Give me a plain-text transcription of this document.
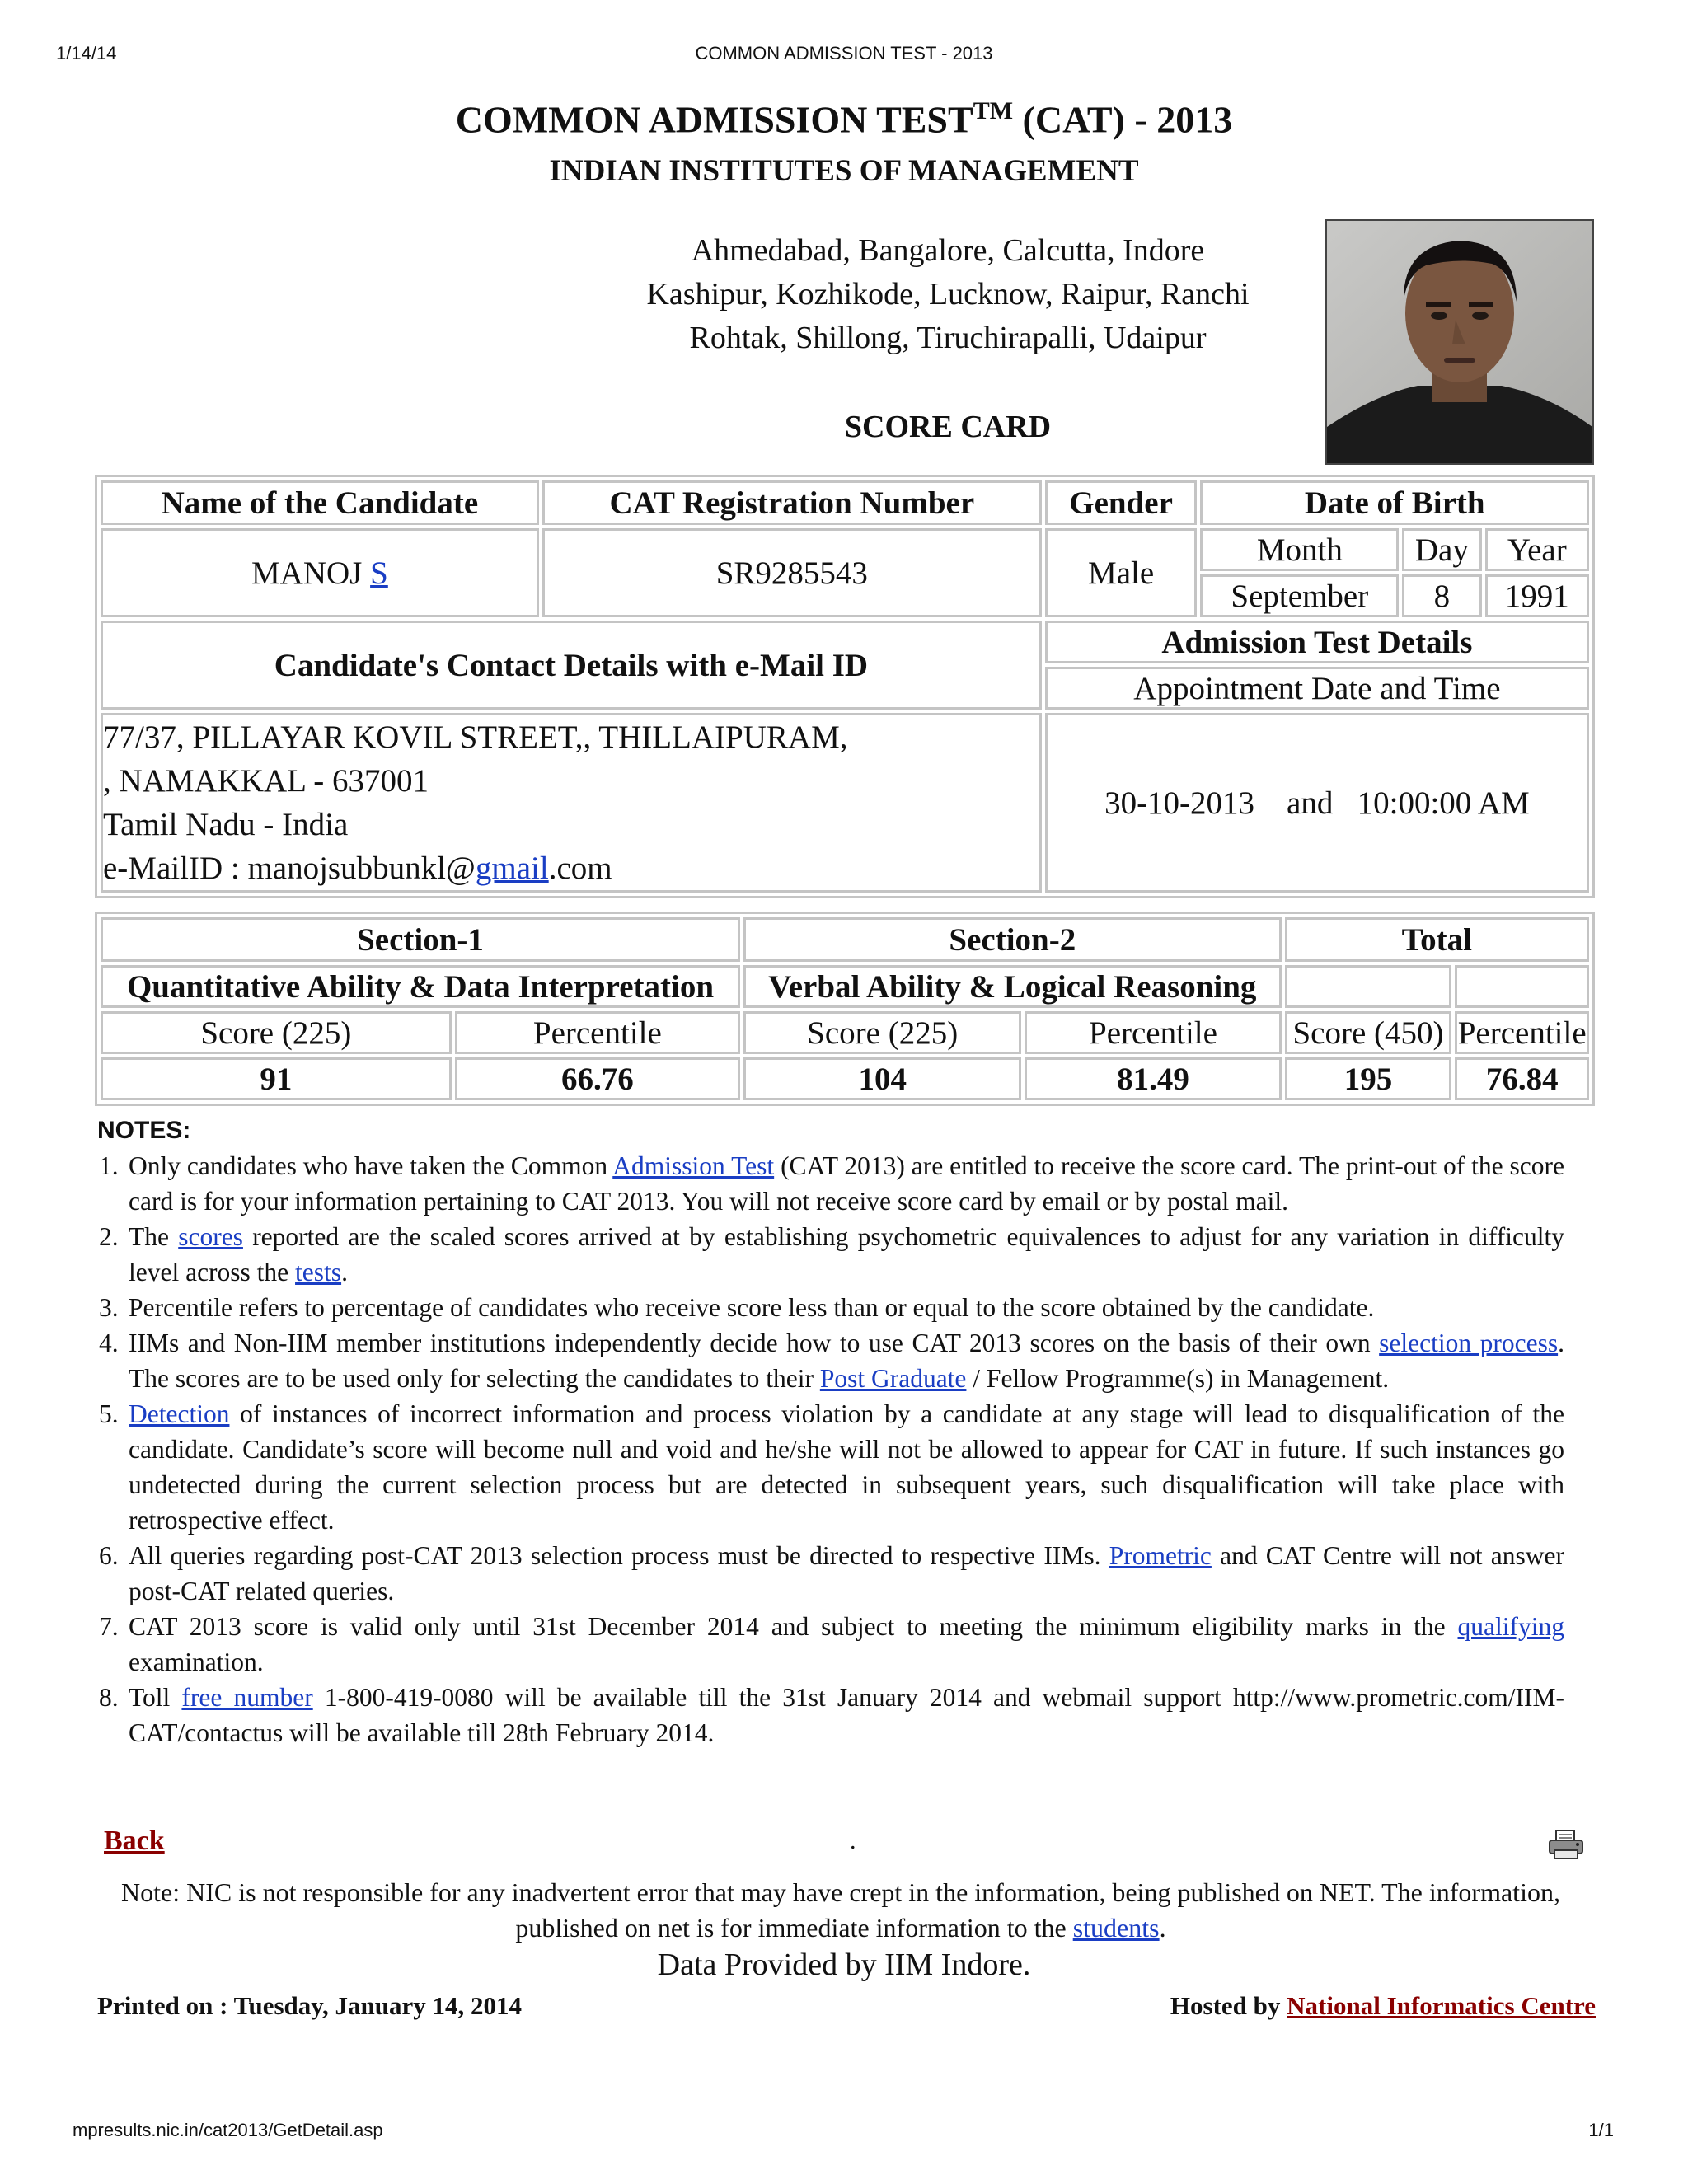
1/14/14	COMMON ADMISSION TEST - 2013
COMMON ADMISSION TEST™ (CAT) - 2013
INDIAN INSTITUTES OF MANAGEMENT
Ahmedabad, Bangalore, Calcutta, Indore
Kashipur, Kozhikode, Lucknow, Raipur, Ranchi
Rohtak, Shillong, Tiruchirapalli, Udaipur
SCORE CARD
Name of the Candidate	CAT Registration Number	Gender	Date of Birth		
MANOJ S	SR9285543	Male	Month	Day	Year
			September	8	1991
Candidate's Contact Details with e-Mail ID		Admission Test Details			
		Appointment Date and Time			

77/37, PILLAYAR KOVIL STREET,, THILLAIPURAM,
, NAMAKKAL - 637001
Tamil Nadu - India
e-MailID : manojsubbunkl@gmail.com		30-10-2013 and 10:00:00 AM			
Section-1		Section-2		Total	
Quantitative Ability & Data Interpretation		Verbal Ability & Logical Reasoning			
Score (225)	Percentile	Score (225)	Percentile	Score (450)	Percentile
91	66.76	104	81.49	195	76.84
NOTES:
1. Only candidates who have taken the Common Admission Test (CAT 2013) are entitled to receive the score card. The print-out of the score card is for your information pertaining to CAT 2013. You will not receive score card by email or by postal mail.
2. The scores reported are the scaled scores arrived at by establishing psychometric equivalences to adjust for any variation in difficulty level across the tests.
3. Percentile refers to percentage of candidates who receive score less than or equal to the score obtained by the candidate.
4. IIMs and Non-IIM member institutions independently decide how to use CAT 2013 scores on the basis of their own selection process. The scores are to be used only for selecting the candidates to their Post Graduate / Fellow Programme(s) in Management.
5. Detection of instances of incorrect information and process violation by a candidate at any stage will lead to disqualification of the candidate. Candidate’s score will become null and void and he/she will not be allowed to appear for CAT in future. If such instances go undetected during the current selection process but are detected in subsequent years, such disqualification will take place with retrospective effect.
6. All queries regarding post-CAT 2013 selection process must be directed to respective IIMs. Prometric and CAT Centre will not answer post-CAT related queries.
7. CAT 2013 score is valid only until 31st December 2014 and subject to meeting the minimum eligibility marks in the qualifying examination.
8. Toll free number 1-800-419-0080 will be available till the 31st January 2014 and webmail support http://www.prometric.com/IIM-CAT/contactus will be available till 28th February 2014.
Back	.
Note: NIC is not responsible for any inadvertent error that may have crept in the information, being published on NET. The information, published on net is for immediate information to the students.
Data Provided by IIM Indore.
Printed on : Tuesday, January 14, 2014	Hosted by National Informatics Centre
mpresults.nic.in/cat2013/GetDetail.asp	1/1
